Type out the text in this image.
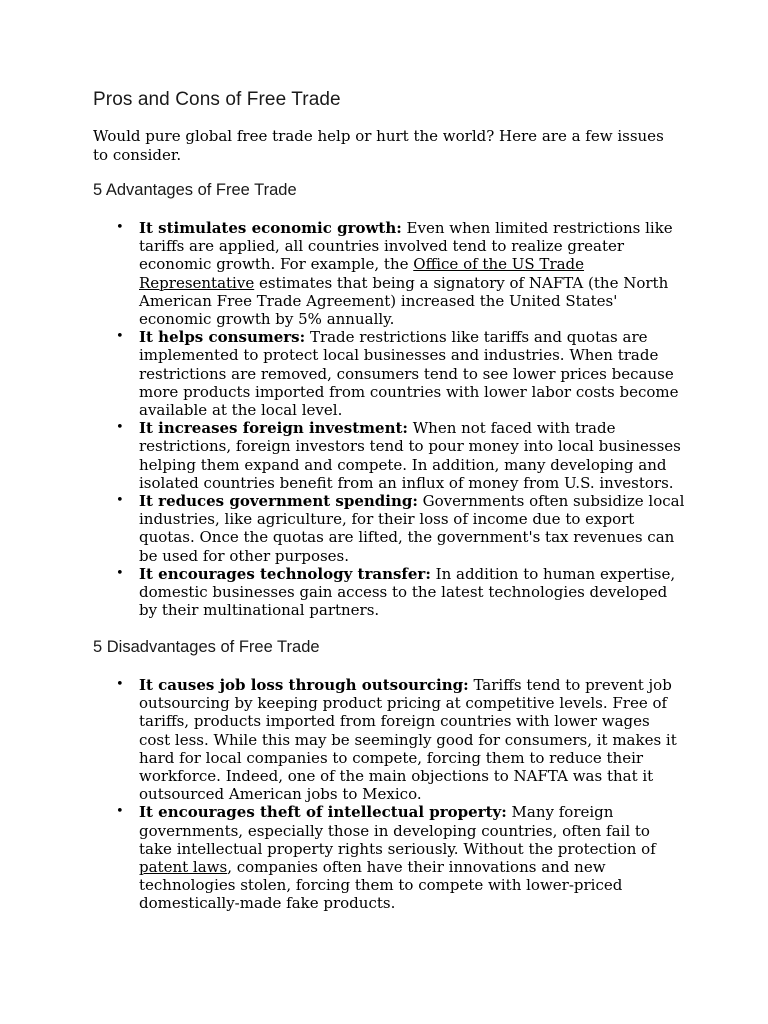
Pros and Cons of Free Trade

Would pure global free trade help or hurt the world? Here are a few issues to consider.

5 Advantages of Free Trade
• It stimulates economic growth: Even when limited restrictions like tariffs are applied, all countries involved tend to realize greater economic growth. For example, the Office of the US Trade Representative estimates that being a signatory of NAFTA (the North American Free Trade Agreement) increased the United States' economic growth by 5% annually.
• It helps consumers: Trade restrictions like tariffs and quotas are implemented to protect local businesses and industries. When trade restrictions are removed, consumers tend to see lower prices because more products imported from countries with lower labor costs become available at the local level.
• It increases foreign investment: When not faced with trade restrictions, foreign investors tend to pour money into local businesses helping them expand and compete. In addition, many developing and isolated countries benefit from an influx of money from U.S. investors.
• It reduces government spending: Governments often subsidize local industries, like agriculture, for their loss of income due to export quotas. Once the quotas are lifted, the government's tax revenues can be used for other purposes.
• It encourages technology transfer: In addition to human expertise, domestic businesses gain access to the latest technologies developed by their multinational partners.
5 Disadvantages of Free Trade
• It causes job loss through outsourcing: Tariffs tend to prevent job outsourcing by keeping product pricing at competitive levels. Free of tariffs, products imported from foreign countries with lower wages cost less. While this may be seemingly good for consumers, it makes it hard for local companies to compete, forcing them to reduce their workforce. Indeed, one of the main objections to NAFTA was that it outsourced American jobs to Mexico.
• It encourages theft of intellectual property: Many foreign governments, especially those in developing countries, often fail to take intellectual property rights seriously. Without the protection of patent laws, companies often have their innovations and new technologies stolen, forcing them to compete with lower-priced domestically-made fake products.
